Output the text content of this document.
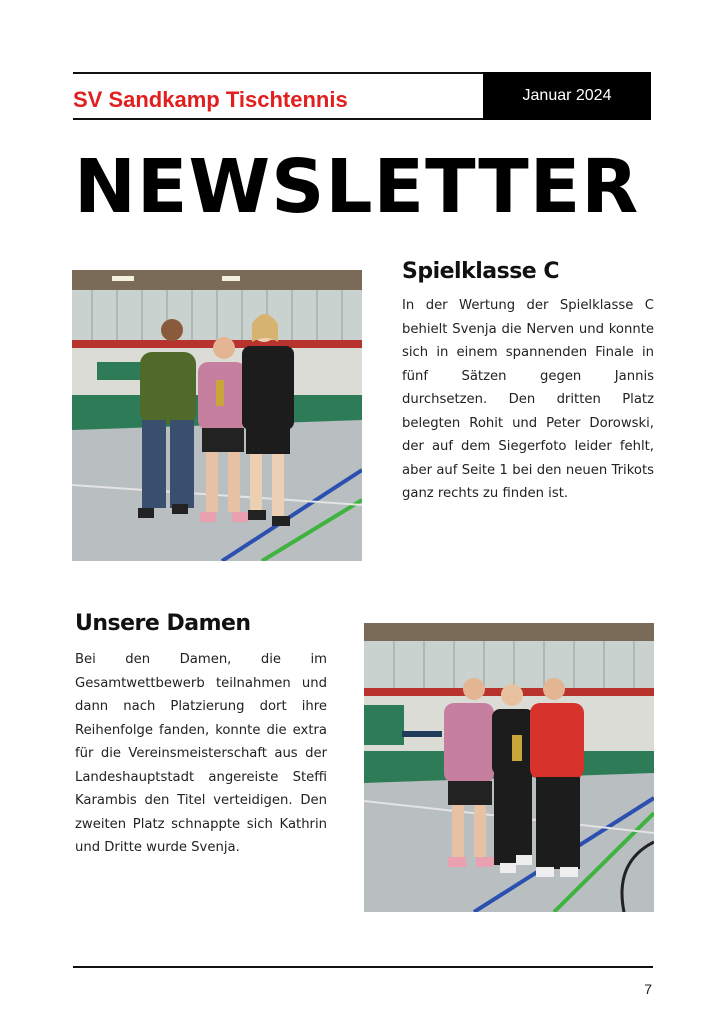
SV Sandkamp Tischtennis	Januar 2024
NEWSLETTER
Spielklasse C
In der Wertung der Spielklasse C behielt Svenja die Nerven und konnte sich in einem spannenden Finale in fünf Sätzen gegen Jannis durchsetzen. Den dritten Platz belegten Rohit und Peter Dorowski, der auf dem Siegerfoto leider fehlt, aber auf Seite 1 bei den neuen Trikots ganz rechts zu finden ist.
Unsere Damen
Bei den Damen, die im Gesamtwettbewerb teilnahmen und dann nach Platzierung dort ihre Reihenfolge fanden, konnte die extra für die Vereinsmeisterschaft aus der Landeshauptstadt angereiste Steffi Karambis den Titel verteidigen. Den zweiten Platz schnappte sich Kathrin und Dritte wurde Svenja.
7
